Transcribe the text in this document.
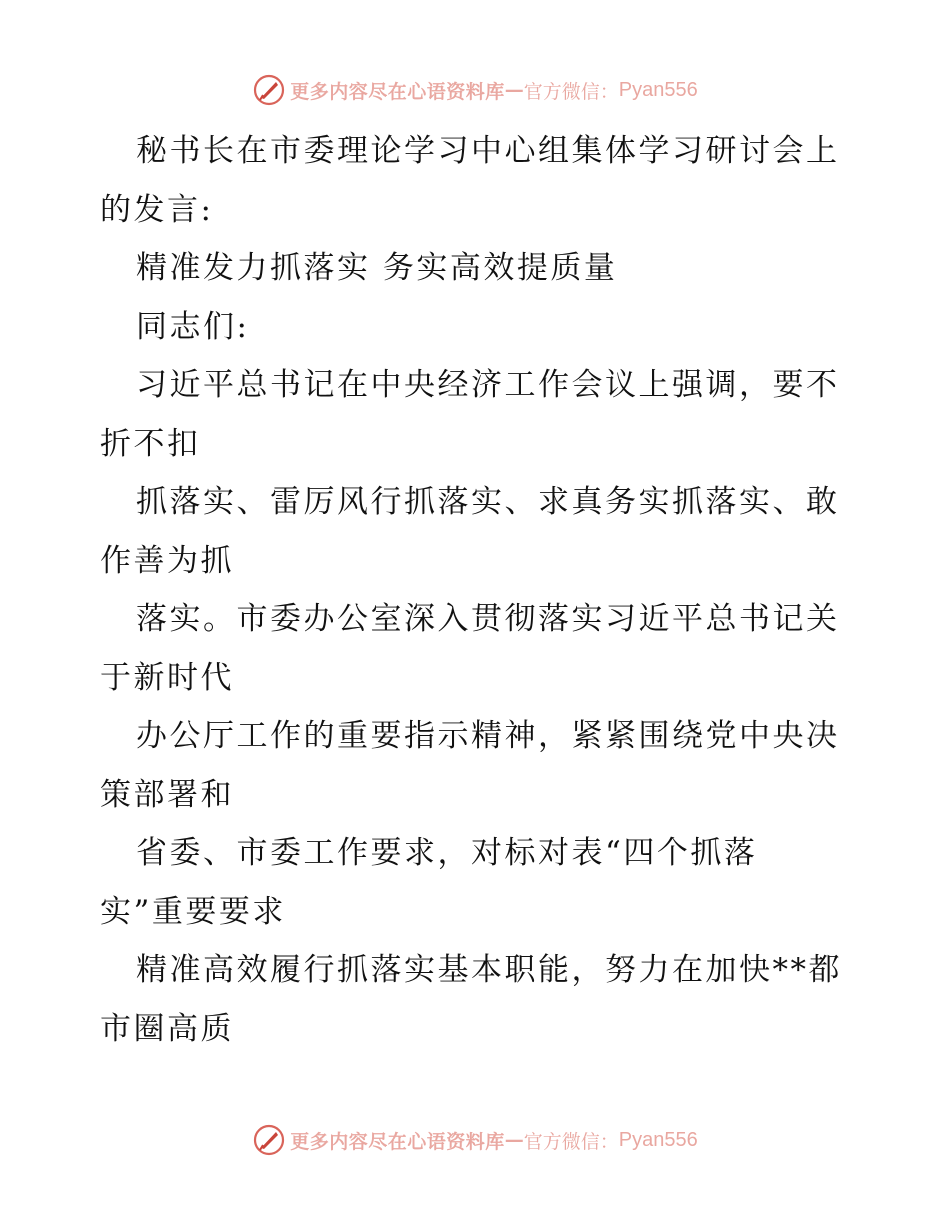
更多内容尽在心语资料库 — 官方微信： Pyan556
秘书长在市委理论学习中心组集体学习研讨会上
的发言:
精准发力抓落实 务实高效提质量
同志们:
习近平总书记在中央经济工作会议上强调，要不
折不扣
抓落实、雷厉风行抓落实、求真务实抓落实、敢
作善为抓
落实。市委办公室深入贯彻落实习近平总书记关
于新时代
办公厅工作的重要指示精神，紧紧围绕党中央决
策部署和
省委、市委工作要求，对标对表“四个抓落
实”重要要求
精准高效履行抓落实基本职能，努力在加快**都
市圈高质
更多内容尽在心语资料库 — 官方微信： Pyan556
